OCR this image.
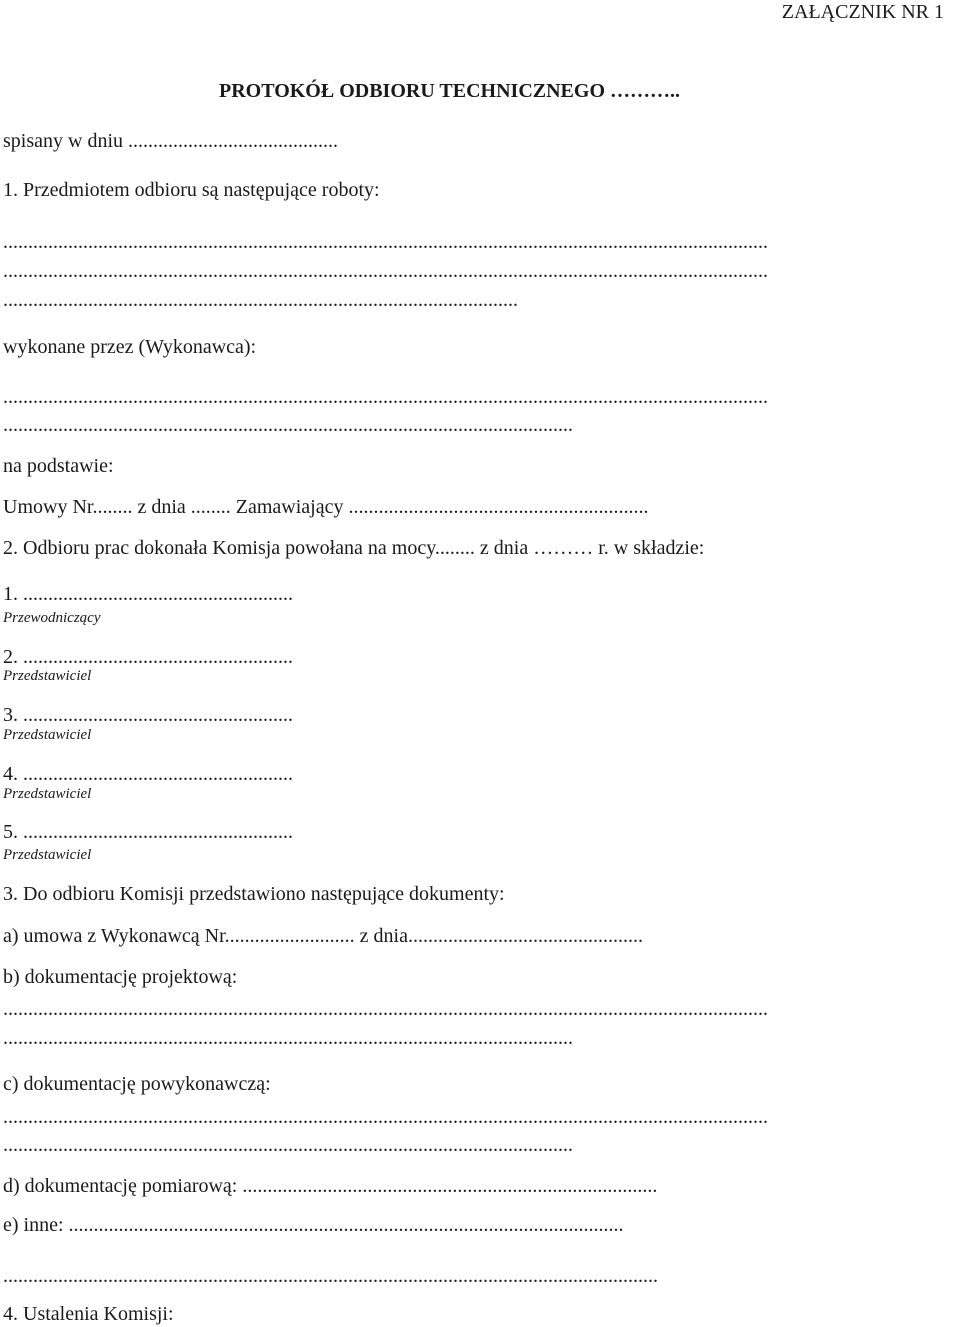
ZAŁĄCZNIK NR 1
PROTOKÓŁ ODBIORU TECHNICZNEGO ………..

spisany w dniu ..........................................

1. Przedmiotem odbioru są następujące roboty:

.........................................................................................................................................................

.........................................................................................................................................................

.......................................................................................................

wykonane przez (Wykonawca):

.........................................................................................................................................................

..................................................................................................................

na podstawie:

Umowy Nr........ z dnia ........ Zamawiający ............................................................

2. Odbioru prac dokonała Komisja powołana na mocy........ z dnia ……… r. w składzie:

1. ......................................................

Przewodniczący

2. ......................................................

Przedstawiciel

3. ......................................................

Przedstawiciel

4. ......................................................

Przedstawiciel

5. ......................................................

Przedstawiciel

3. Do odbioru Komisji przedstawiono następujące dokumenty:

a) umowa z Wykonawcą Nr.......................... z dnia...............................................

b) dokumentację projektową:

.........................................................................................................................................................

..................................................................................................................

c) dokumentację powykonawczą:

.........................................................................................................................................................

..................................................................................................................

d) dokumentację pomiarową: ...................................................................................

e) inne: ...............................................................................................................

...................................................................................................................................

4. Ustalenia Komisji:
